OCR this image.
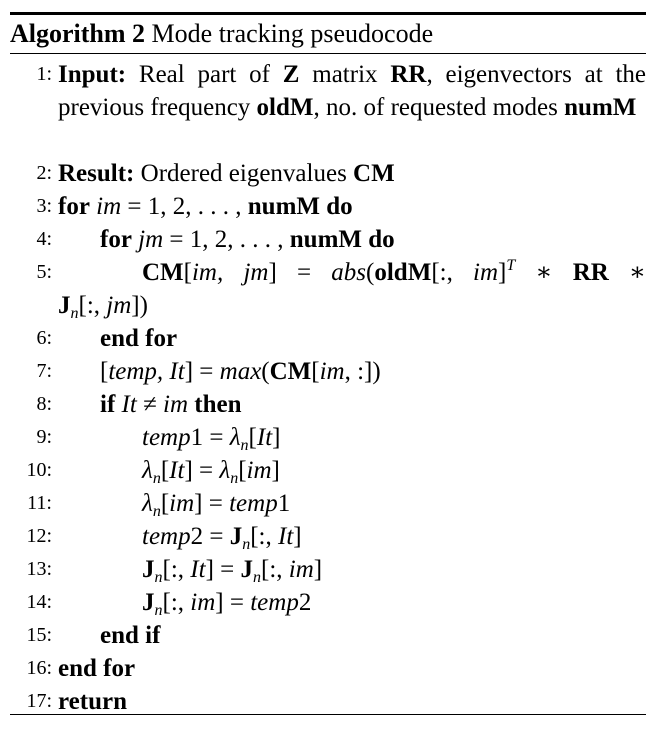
Algorithm 2 Mode tracking pseudocode
1: Input: Real part of Z matrix RR, eigenvectors at the previous frequency oldM, no. of requested modes numM
2: Result: Ordered eigenvalues CM
3: for im = 1, 2, . . . , numM do
4: for jm = 1, 2, . . . , numM do
5:	CM[im, jm] = abs(oldM[:, im]$^T$ ∗ RR ∗
$J_n$[:, jm])
6: end for
7: [temp, It] = max(CM[im, :])
8: if It ≠ im then
9:	temp1 = $\lambda_n[It]$
10:	$\lambda_n[It] = \lambda_n[im]$
11:	$\lambda_n[im]$ = temp1
12:	temp2 = $J_n$[:, It]
13:	$J_n$[:, $It] = J_n$[:, im]
14:	$J_n$[:, im] = temp2
15: end if
16: end for
17: return
